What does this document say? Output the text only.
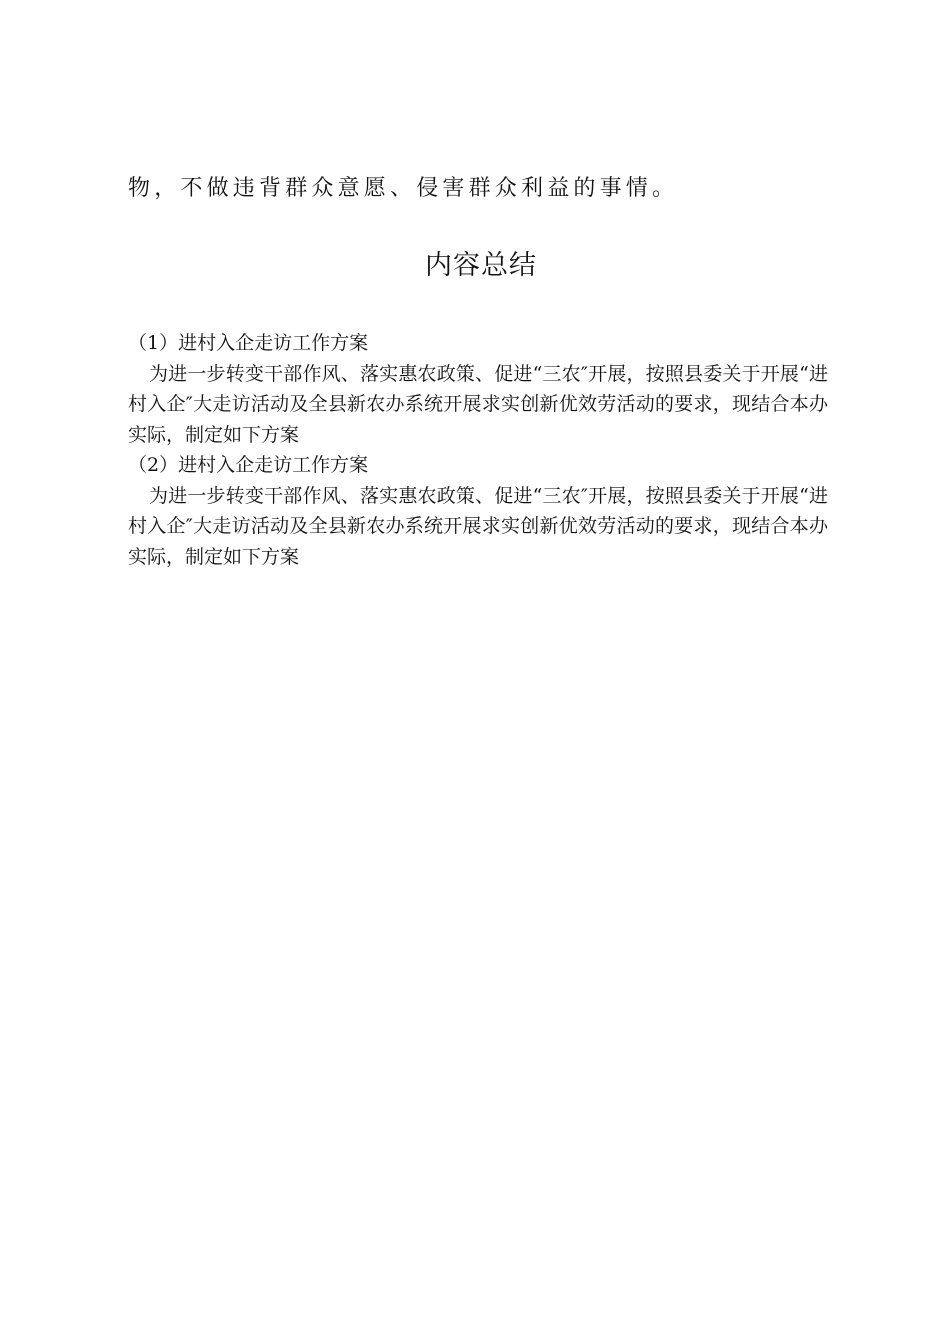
物，不做违背群众意愿、侵害群众利益的事情。
内容总结

（1）进村入企走访工作方案

为进一步转变干部作风、落实惠农政策、促进“三农″开展，按照县委关于开展“进村入企″大走访活动及全县新农办系统开展求实创新优效劳活动的要求，现结合本办实际，制定如下方案

（2）进村入企走访工作方案

为进一步转变干部作风、落实惠农政策、促进“三农″开展，按照县委关于开展“进村入企″大走访活动及全县新农办系统开展求实创新优效劳活动的要求，现结合本办实际，制定如下方案
